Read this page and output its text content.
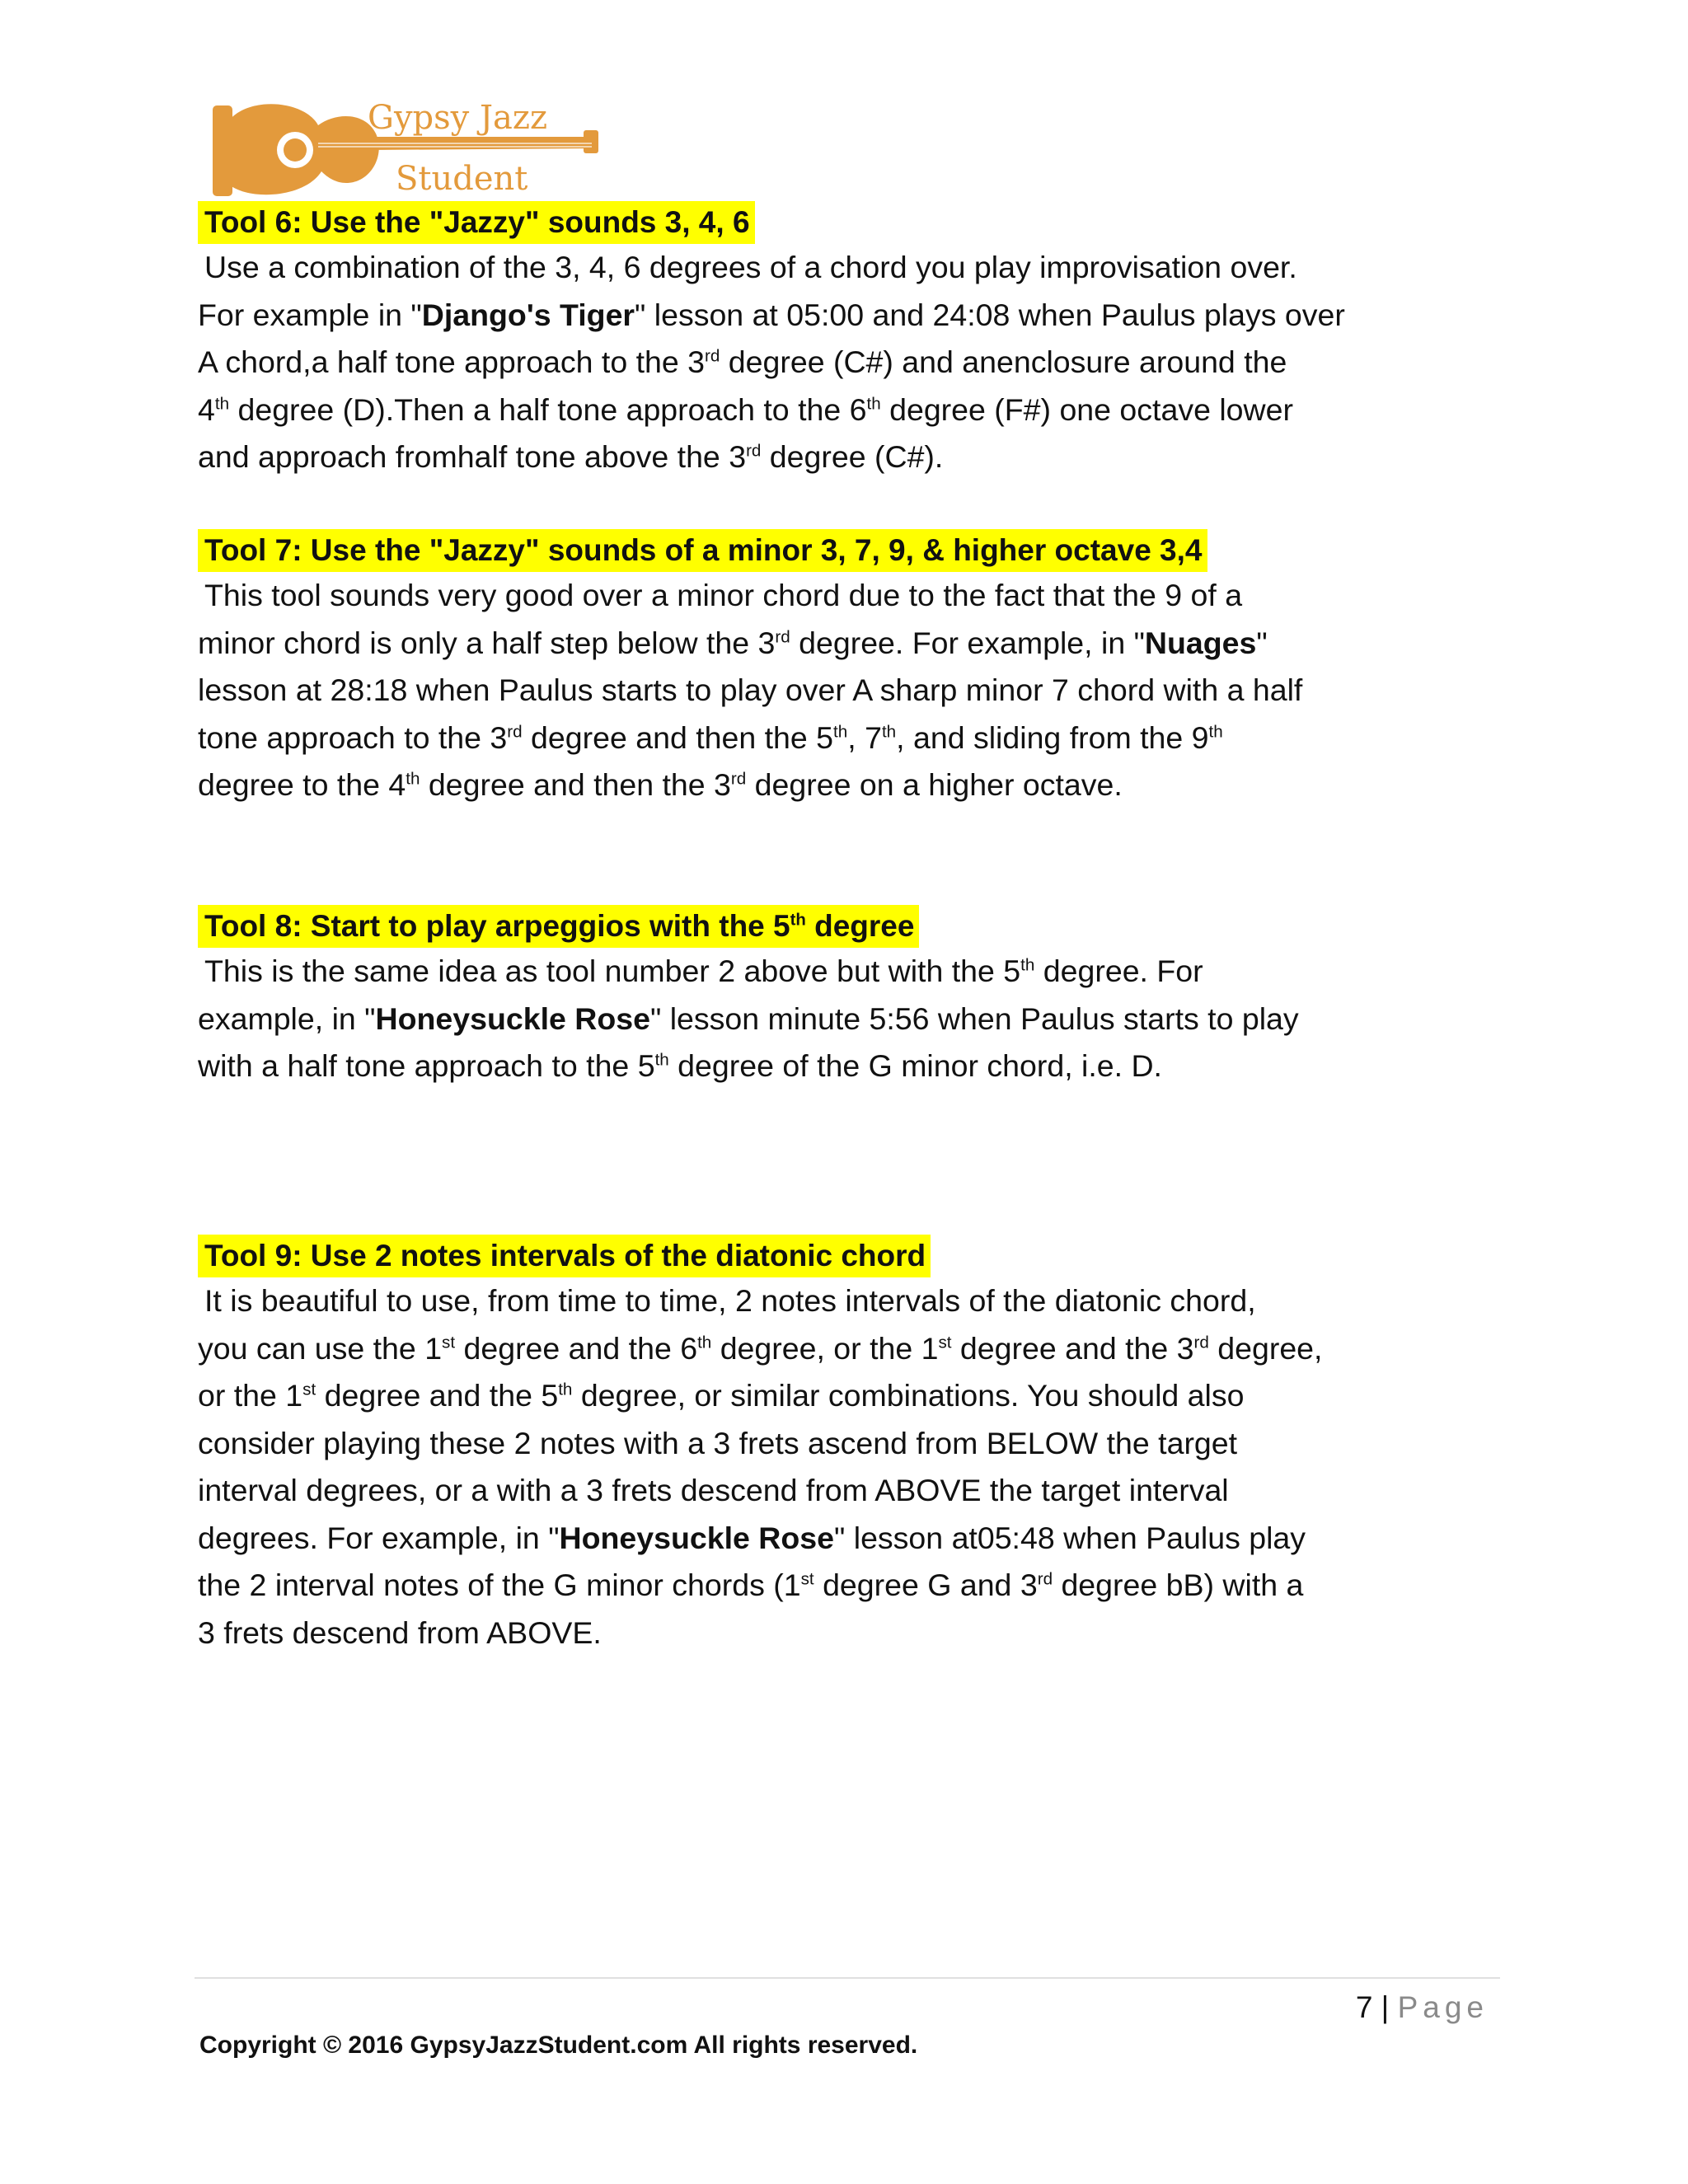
Gypsy Jazz
Student

Tool 6: Use the "Jazzy" sounds 3, 4, 6

Use a combination of the 3, 4, 6 degrees of a chord you play improvisation over.
For example in "Django's Tiger" lesson at 05:00 and 24:08 when Paulus plays over
A chord,a half tone approach to the 3rd degree (C#) and anenclosure around the
4th degree (D).Then a half tone approach to the 6th degree (F#) one octave lower
and approach fromhalf tone above the 3rd degree (C#).

Tool 7: Use the "Jazzy" sounds of a minor 3, 7, 9, & higher octave 3,4

This tool sounds very good over a minor chord due to the fact that the 9 of a
minor chord is only a half step below the 3rd degree. For example, in "Nuages"
lesson at 28:18 when Paulus starts to play over A sharp minor 7 chord with a half
tone approach to the 3rd degree and then the 5th, 7th, and sliding from the 9th
degree to the 4th degree and then the 3rd degree on a higher octave.

Tool 8: Start to play arpeggios with the 5th degree

This is the same idea as tool number 2 above but with the 5th degree. For
example, in "Honeysuckle Rose" lesson minute 5:56 when Paulus starts to play
with a half tone approach to the 5th degree of the G minor chord, i.e. D.

Tool 9: Use 2 notes intervals of the diatonic chord

It is beautiful to use, from time to time, 2 notes intervals of the diatonic chord,
you can use the 1st degree and the 6th degree, or the 1st degree and the 3rd degree,
or the 1st degree and the 5th degree, or similar combinations. You should also
consider playing these 2 notes with a 3 frets ascend from BELOW the target
interval degrees, or a with a 3 frets descend from ABOVE the target interval
degrees. For example, in "Honeysuckle Rose" lesson at05:48 when Paulus play
the 2 interval notes of the G minor chords (1st degree G and 3rd degree bB) with a
3 frets descend from ABOVE.
7 | Page
Copyright © 2016 GypsyJazzStudent.com All rights reserved.
